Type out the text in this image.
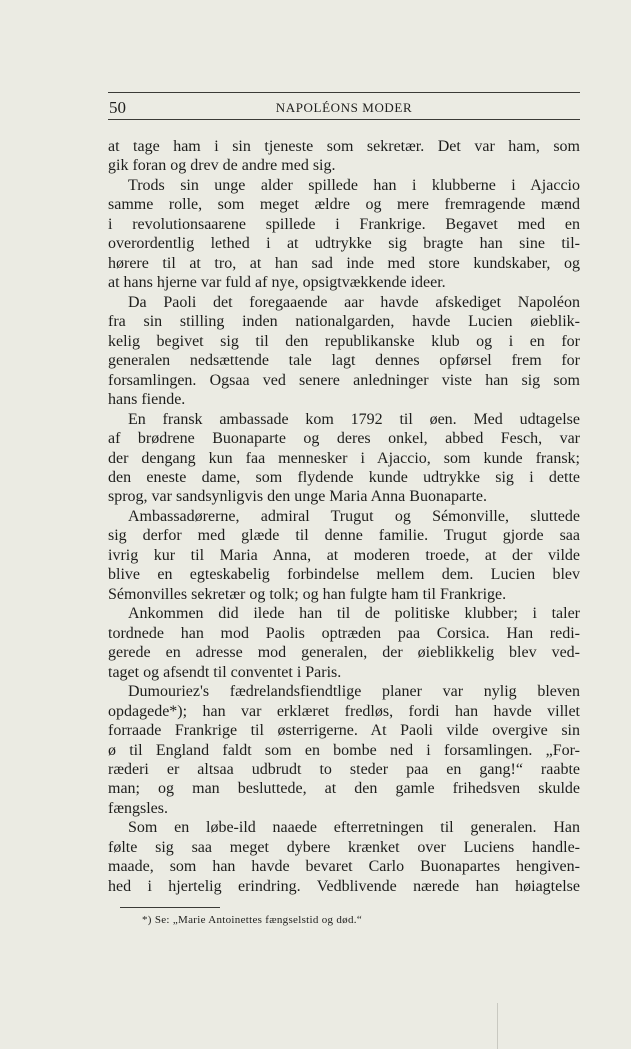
50	NAPOLÉONS MODER
at tage ham i sin tjeneste som sekretær. Det var ham, som
gik foran og drev de andre med sig.
Trods sin unge alder spillede han i klubberne i Ajaccio
samme rolle, som meget ældre og mere fremragende mænd
i revolutionsaarene spillede i Frankrige. Begavet med en
overordentlig lethed i at udtrykke sig bragte han sine til-
hørere til at tro, at han sad inde med store kundskaber, og
at hans hjerne var fuld af nye, opsigtvækkende ideer.
Da Paoli det foregaaende aar havde afskediget Napoléon
fra sin stilling inden nationalgarden, havde Lucien øieblik-
kelig begivet sig til den republikanske klub og i en for
generalen nedsættende tale lagt dennes opførsel frem for
forsamlingen. Ogsaa ved senere anledninger viste han sig som
hans fiende.
En fransk ambassade kom 1792 til øen. Med udtagelse
af brødrene Buonaparte og deres onkel, abbed Fesch, var
der dengang kun faa mennesker i Ajaccio, som kunde fransk;
den eneste dame, som flydende kunde udtrykke sig i dette
sprog, var sandsynligvis den unge Maria Anna Buonaparte.
Ambassadørerne, admiral Trugut og Sémonville, sluttede
sig derfor med glæde til denne familie. Trugut gjorde saa
ivrig kur til Maria Anna, at moderen troede, at der vilde
blive en egteskabelig forbindelse mellem dem. Lucien blev
Sémonvilles sekretær og tolk; og han fulgte ham til Frankrige.
Ankommen did ilede han til de politiske klubber; i taler
tordnede han mod Paolis optræden paa Corsica. Han redi-
gerede en adresse mod generalen, der øieblikkelig blev ved-
taget og afsendt til conventet i Paris.
Dumouriez's fædrelandsfiendtlige planer var nylig bleven
opdagede*); han var erklæret fredløs, fordi han havde villet
forraade Frankrige til østerrigerne. At Paoli vilde overgive sin
ø til England faldt som en bombe ned i forsamlingen. „For-
ræderi er altsaa udbrudt to steder paa en gang!“ raabte
man; og man besluttede, at den gamle frihedsven skulde
fængsles.
Som en løbe-ild naaede efterretningen til generalen. Han
følte sig saa meget dybere krænket over Luciens handle-
maade, som han havde bevaret Carlo Buonapartes hengiven-
hed i hjertelig erindring. Vedblivende nærede han høiagtelse
*) Se: „Marie Antoinettes fængselstid og død.“
